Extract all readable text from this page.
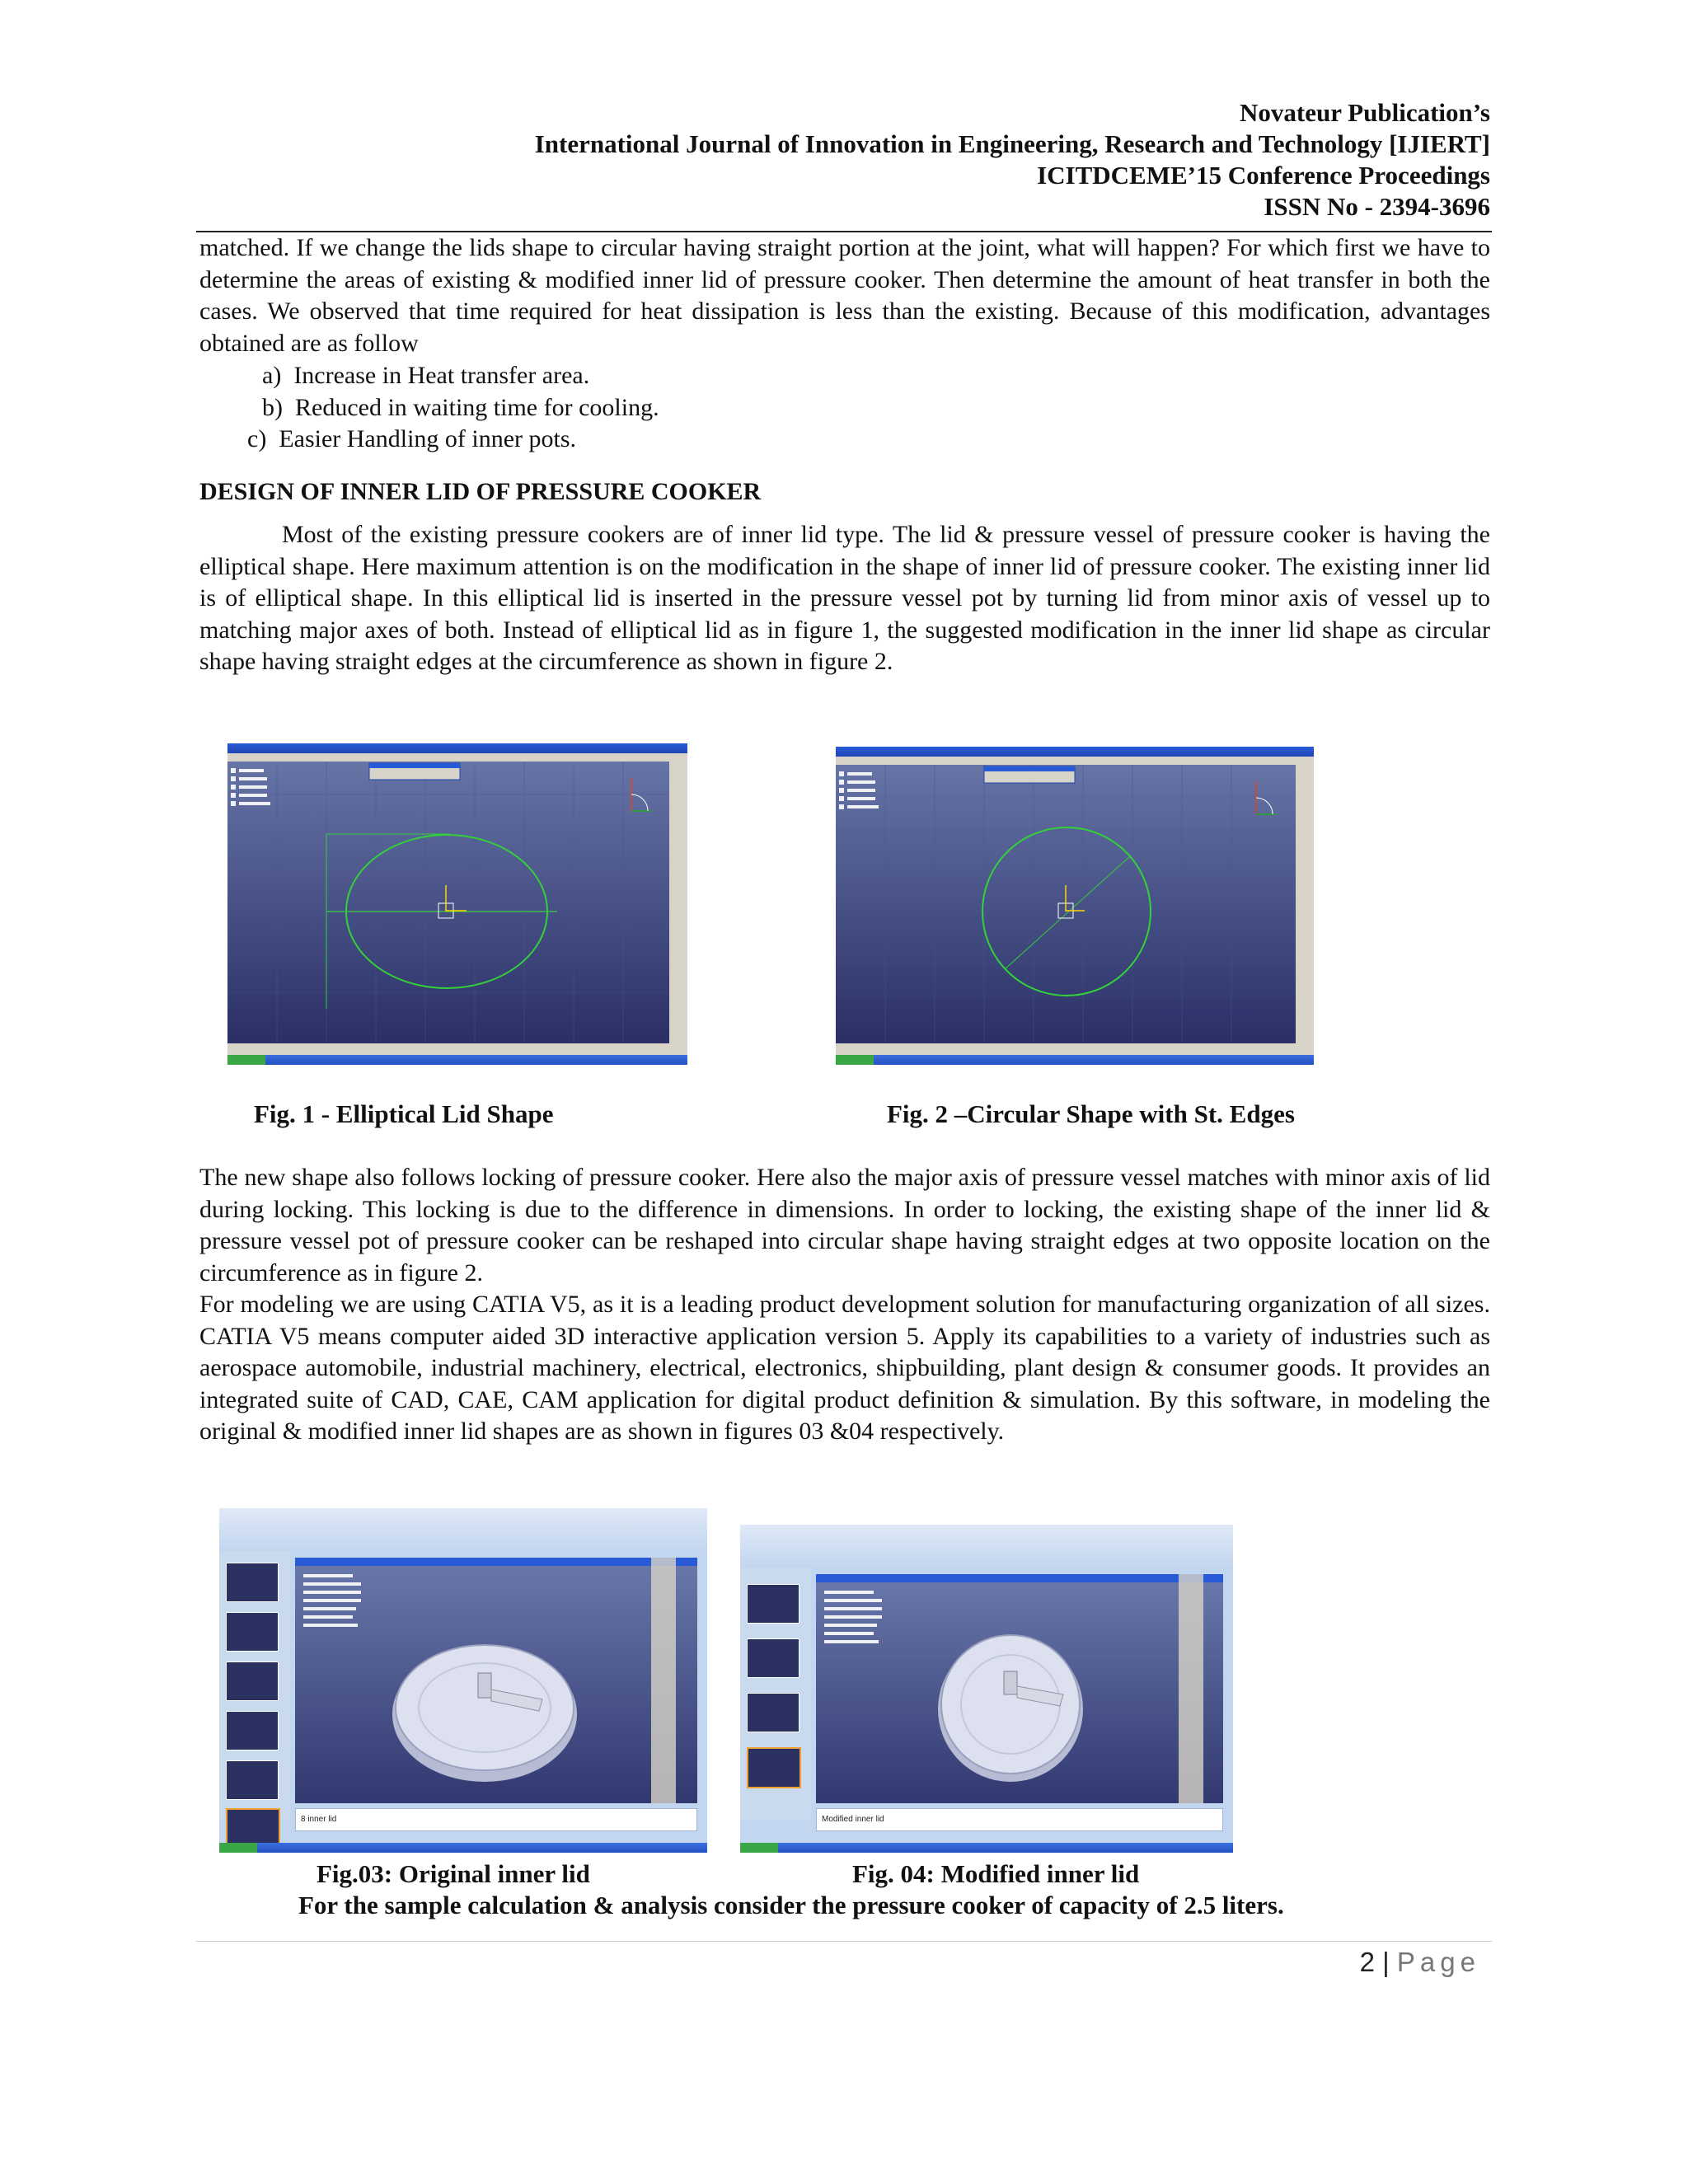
Novateur Publication’s
International Journal of Innovation in Engineering, Research and Technology [IJIERT]
ICITDCEME’15 Conference Proceedings
ISSN No - 2394-3696

matched. If we change the lids shape to circular having straight portion at the joint, what will happen? For which first we have to determine the areas of existing & modified inner lid of pressure cooker. Then determine the amount of heat transfer in both the cases. We observed that time required for heat dissipation is less than the existing. Because of this modification, advantages obtained are as follow

a) Increase in Heat transfer area.
b) Reduced in waiting time for cooling.
c) Easier Handling of inner pots.
DESIGN OF INNER LID OF PRESSURE COOKER

Most of the existing pressure cookers are of inner lid type. The lid & pressure vessel of pressure cooker is having the elliptical shape. Here maximum attention is on the modification in the shape of inner lid of pressure cooker. The existing inner lid is of elliptical shape. In this elliptical lid is inserted in the pressure vessel pot by turning lid from minor axis of vessel up to matching major axes of both. Instead of elliptical lid as in figure 1, the suggested modification in the inner lid shape as circular shape having straight edges at the circumference as shown in figure 2.

Fig. 1 - Elliptical Lid Shape	Fig. 2 –Circular Shape with St. Edges

The new shape also follows locking of pressure cooker. Here also the major axis of pressure vessel matches with minor axis of lid during locking. This locking is due to the difference in dimensions. In order to locking, the existing shape of the inner lid & pressure vessel pot of pressure cooker can be reshaped into circular shape having straight edges at two opposite location on the circumference as in figure 2.

For modeling we are using CATIA V5, as it is a leading product development solution for manufacturing organization of all sizes. CATIA V5 means computer aided 3D interactive application version 5. Apply its capabilities to a variety of industries such as aerospace automobile, industrial machinery, electrical, electronics, shipbuilding, plant design & consumer goods. It provides an integrated suite of CAD, CAE, CAM application for digital product definition & simulation. By this software, in modeling the original & modified inner lid shapes are as shown in figures 03 &04 respectively.

8 inner lid	Modified inner lid
Fig.03: Original inner lid	Fig. 04: Modified inner lid
For the sample calculation & analysis consider the pressure cooker of capacity of 2.5 liters.
2 | Page
